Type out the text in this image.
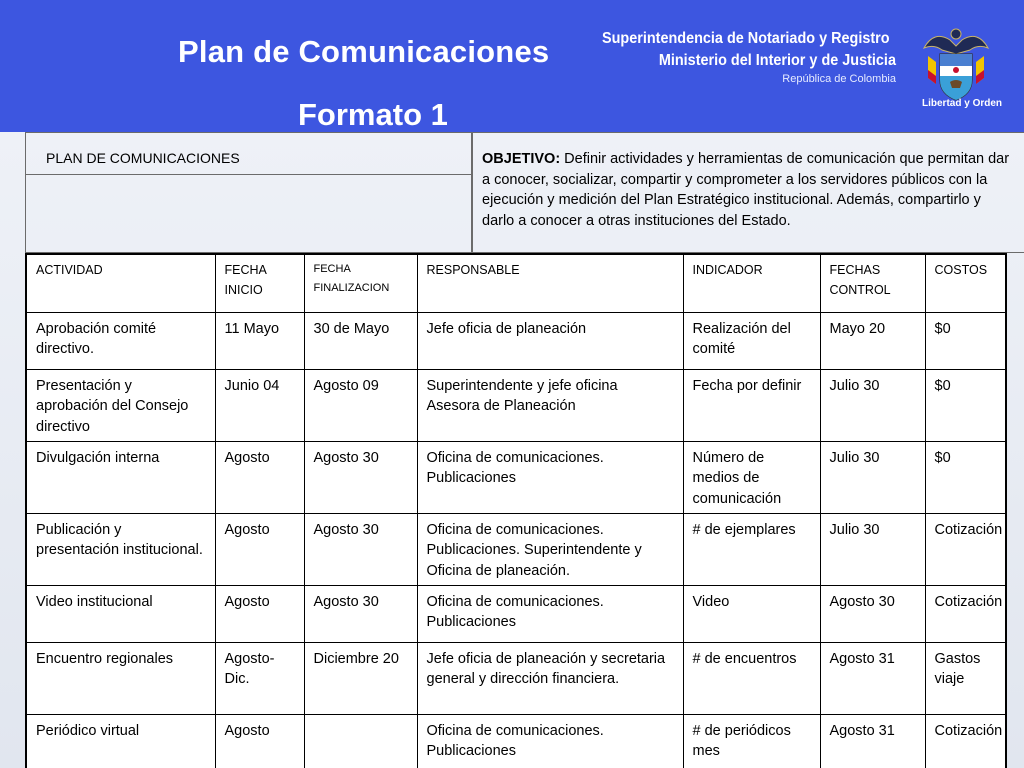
Plan de Comunicaciones
Formato 1
Superintendencia de Notariado y Registro
Ministerio del Interior y de Justicia
República de Colombia
Libertad y Orden
PLAN DE COMUNICACIONES	OBJETIVO: Definir actividades y herramientas de comunicación que permitan dar a conocer, socializar, compartir y comprometer a los servidores públicos con la ejecución y medición del Plan Estratégico institucional. Además, compartirlo y darlo a conocer a otras instituciones del Estado.
ACTIVIDAD	FECHA INICIO	FECHA FINALIZACION	RESPONSABLE	INDICADOR	FECHAS CONTROL	COSTOS
Aprobación comité directivo.	11 Mayo	30 de Mayo	Jefe oficia de planeación	Realización del comité	Mayo 20	$0
Presentación y aprobación del Consejo directivo	Junio 04	Agosto 09	Superintendente y jefe oficina Asesora de Planeación	Fecha por definir	Julio 30	$0
Divulgación interna	Agosto	Agosto 30	Oficina de comunicaciones. Publicaciones	Número de medios de comunicación	Julio 30	$0
Publicación y presentación institucional.	Agosto	Agosto 30	Oficina de comunicaciones. Publicaciones. Superintendente y Oficina de planeación.	# de ejemplares	Julio 30	Cotización
Video institucional	Agosto	Agosto 30	Oficina de comunicaciones. Publicaciones	Video	Agosto 30	Cotización
Encuentro regionales	Agosto-Dic.	Diciembre 20	Jefe oficia de planeación y secretaria general y dirección financiera.	# de encuentros	Agosto 31	Gastos viaje
Periódico virtual	Agosto		Oficina de comunicaciones. Publicaciones	# de periódicos mes	Agosto 31	Cotización
